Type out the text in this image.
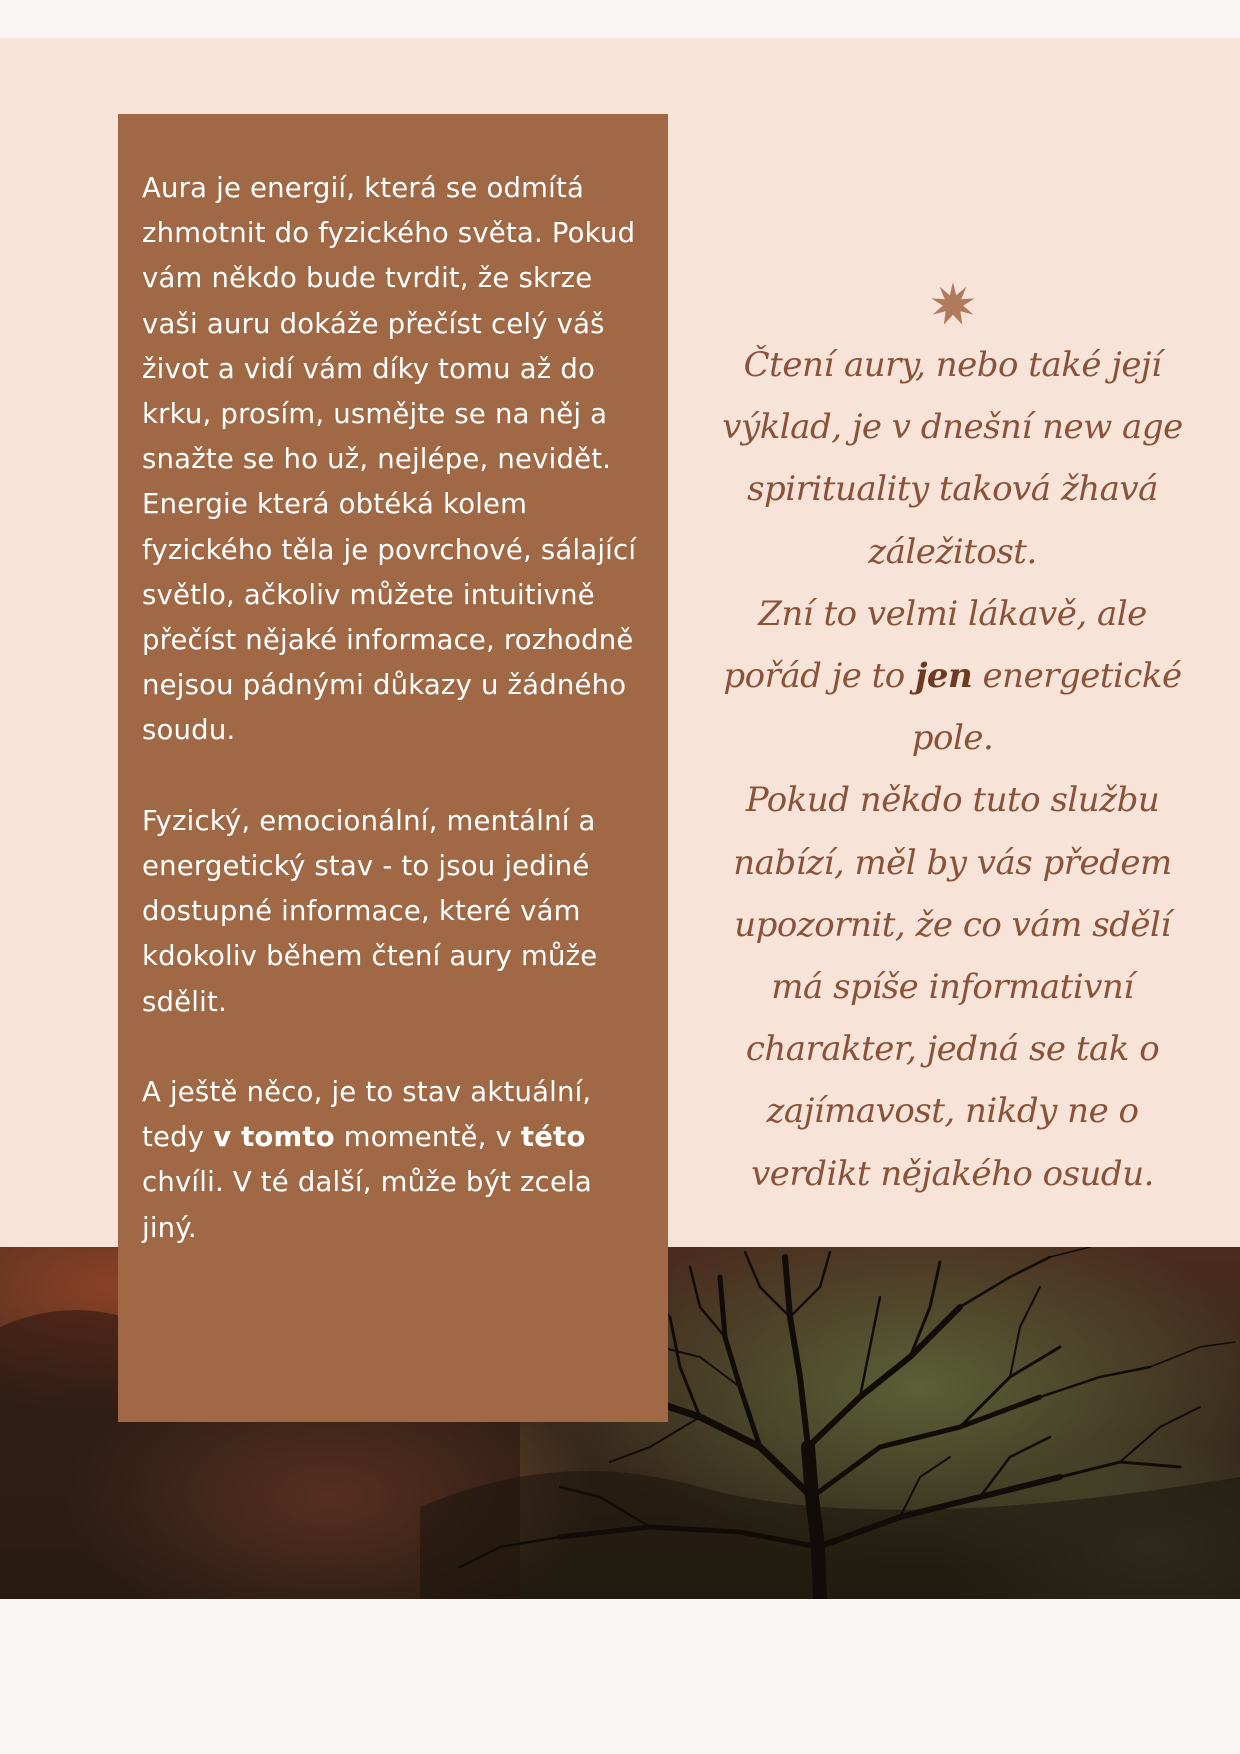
Aura je energií, která se odmítá zhmotnit do fyzického světa. Pokud vám někdo bude tvrdit, že skrze vaši auru dokáže přečíst celý váš život a vidí vám díky tomu až do krku, prosím, usmějte se na něj a snažte se ho už, nejlépe, nevidět.

Energie která obtéká kolem fyzického těla je povrchové, sálající světlo, ačkoliv můžete intuitivně přečíst nějaké informace, rozhodně nejsou pádnými důkazy u žádného soudu.

Fyzický, emocionální, mentální a energetický stav - to jsou jediné dostupné informace, které vám kdokoliv během čtení aury může sdělit.

A ještě něco, je to stav aktuální, tedy v tomto momentě, v této chvíli. V té další, může být zcela jiný.

Čtení aury, nebo také její výklad, je v dnešní new age spirituality taková žhavá záležitost.

Zní to velmi lákavě, ale pořád je to jen energetické pole.

Pokud někdo tuto službu nabízí, měl by vás předem upozornit, že co vám sdělí má spíše informativní charakter, jedná se tak o zajímavost, nikdy ne o verdikt nějakého osudu.
